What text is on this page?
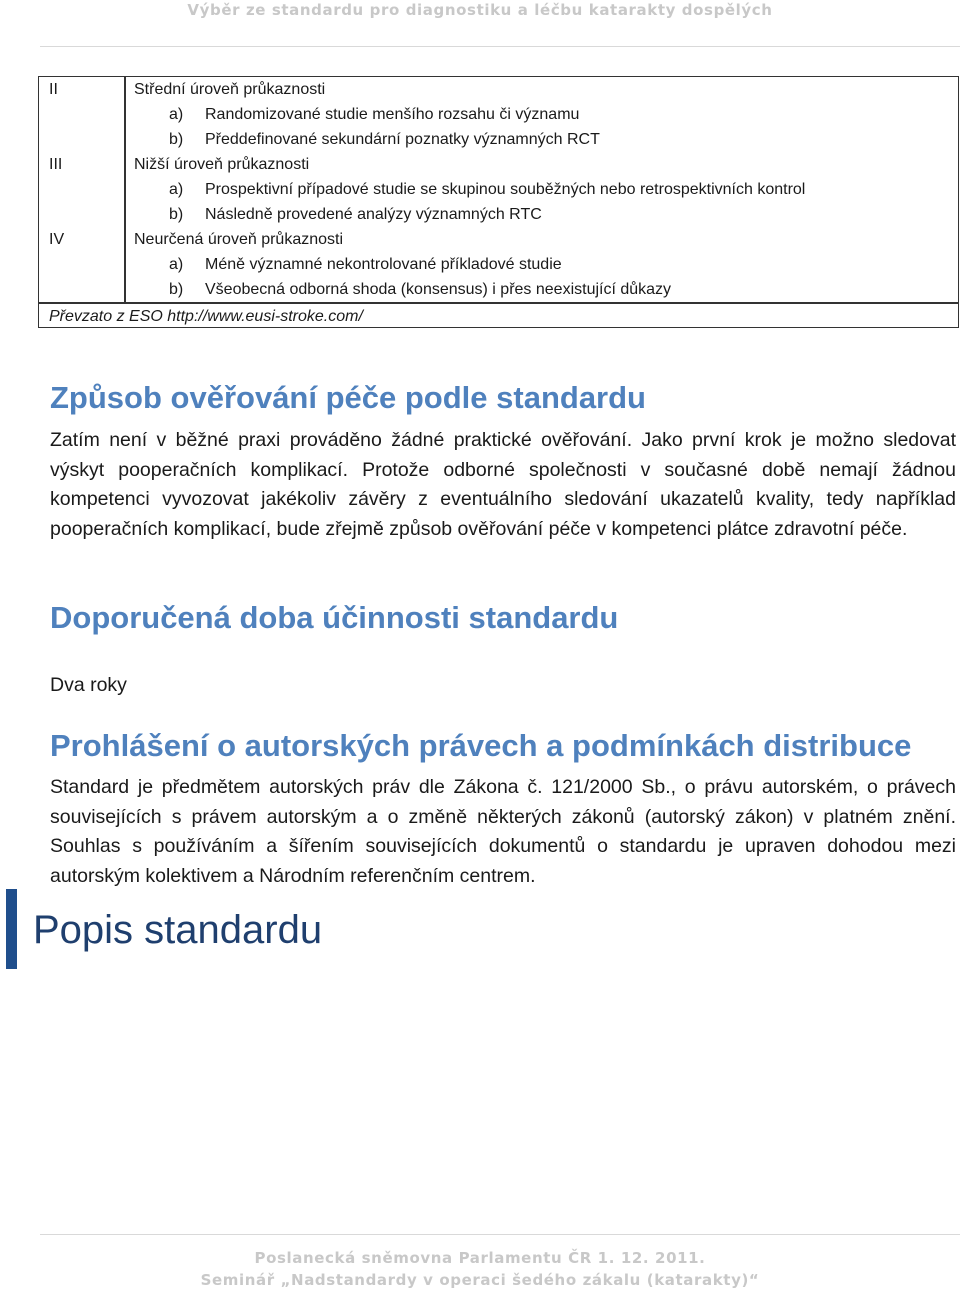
Výběr ze standardu pro diagnostiku a léčbu katarakty dospělých
II	Střední úroveň průkaznosti
a) Randomizované studie menšího rozsahu či významu
b) Předdefinované sekundární poznatky významných RCT
III	Nižší úroveň průkaznosti
a) Prospektivní případové studie se skupinou souběžných nebo retrospektivních kontrol
b) Následně provedené analýzy významných RTC
IV	Neurčená úroveň průkaznosti
a) Méně významné nekontrolované příkladové studie
b) Všeobecná odborná shoda (konsensus) i přes neexistující důkazy
Převzato z ESO http://www.eusi-stroke.com/
Způsob ověřování péče podle standardu
Zatím není v běžné praxi prováděno žádné praktické ověřování. Jako první krok je možno sledovat výskyt pooperačních komplikací. Protože odborné společnosti v současné době nemají žádnou kompetenci vyvozovat jakékoliv závěry z eventuálního sledování ukazatelů kvality, tedy například pooperačních komplikací, bude zřejmě způsob ověřování péče v kompetenci plátce zdravotní péče.
Doporučená doba účinnosti standardu
Dva roky
Prohlášení o autorských právech a podmínkách distribuce
Standard je předmětem autorských práv dle Zákona č. 121/2000 Sb., o právu autorském, o právech souvisejících s právem autorským a o změně některých zákonů (autorský zákon) v platném znění. Souhlas s používáním a šířením souvisejících dokumentů o standardu je upraven dohodou mezi autorským kolektivem a Národním referenčním centrem.
Popis standardu
Poslanecká sněmovna Parlamentu ČR 1. 12. 2011.
Seminář „Nadstandardy v operaci šedého zákalu (katarakty)“
